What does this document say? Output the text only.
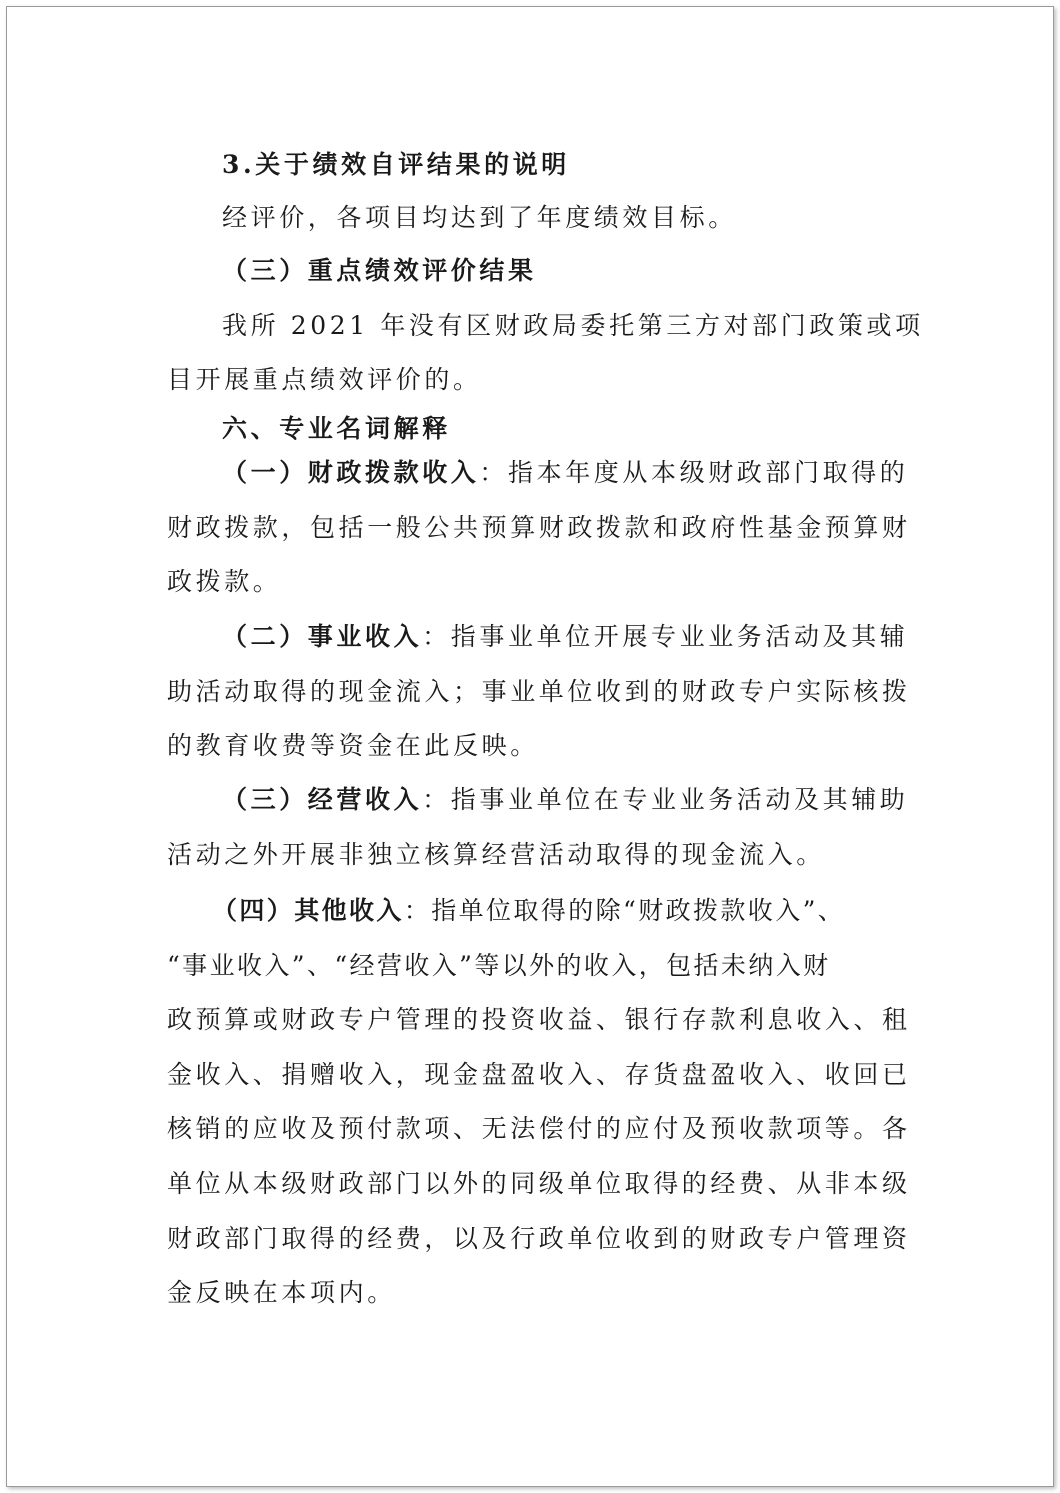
3.关于绩效自评结果的说明
经评价，各项目均达到了年度绩效目标。
（三）重点绩效评价结果
我所 2021 年没有区财政局委托第三方对部门政策或项
目开展重点绩效评价的。
六、专业名词解释
（一）财政拨款收入：指本年度从本级财政部门取得的
财政拨款，包括一般公共预算财政拨款和政府性基金预算财
政拨款。
（二）事业收入：指事业单位开展专业业务活动及其辅
助活动取得的现金流入；事业单位收到的财政专户实际核拨
的教育收费等资金在此反映。
（三）经营收入：指事业单位在专业业务活动及其辅助
活动之外开展非独立核算经营活动取得的现金流入。
（四）其他收入：指单位取得的除“财政拨款收入”、
“事业收入”、“经营收入”等以外的收入，包括未纳入财
政预算或财政专户管理的投资收益、银行存款利息收入、租
金收入、捐赠收入，现金盘盈收入、存货盘盈收入、收回已
核销的应收及预付款项、无法偿付的应付及预收款项等。各
单位从本级财政部门以外的同级单位取得的经费、从非本级
财政部门取得的经费，以及行政单位收到的财政专户管理资
金反映在本项内。
